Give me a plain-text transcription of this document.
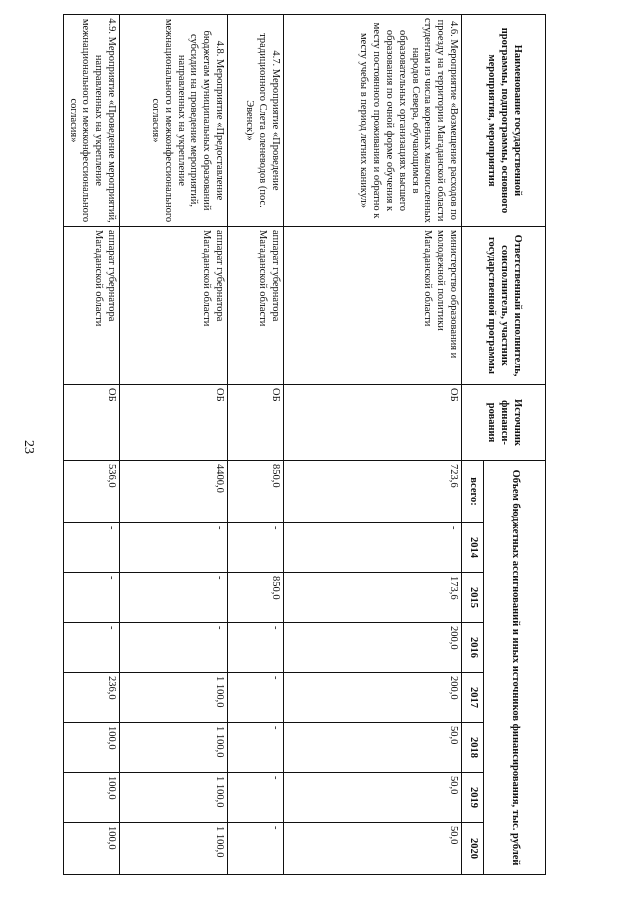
23
Наименование государственной программы, подпрограммы, основного мероприятия, мероприятия	Ответственный исполнитель, соисполнитель, участник государственной программы	Источник финанси-рования	Объем бюджетных ассигнований и иных источников финансирования, тыс. рублей							
			всего:	2014	2015	2016	2017	2018	2019	2020
4.6. Мероприятие «Возмещение расходов по проезду на территории Магаданской области студентам из числа коренных малочисленных народов Севера, обучающимся в образовательных организациях высшего образования по очной форме обучения к месту постоянного проживания и обратно к месту учебы в период летних каникул»	министерство образования и молодежной политики Магаданской области	ОБ	723,6	-	173,6	200,0	200,0	50,0	50,0	50,0
4.7. Мероприятие «Проведение традиционного Слета оленеводов (пос. Эвенск)»	аппарат губернатора Магаданской области	ОБ	850,0	-	850,0	-	-	-	-	-
4.8. Мероприятие «Предоставление бюджетам муниципальных образований субсидии на проведение мероприятий, направленных на укрепление межнационального и межконфессионального согласия»	аппарат губернатора Магаданской области	ОБ	4400,0	-	-	-	1 100,0	1 100,0	1 100,0	1 100,0
4.9. Мероприятие «Проведение мероприятий, направленных на укрепление межнационального и межконфессионального согласия»	аппарат губернатора Магаданской области	ОБ	536,0	-	-	-	236,0	100,0	100,0	100,0
